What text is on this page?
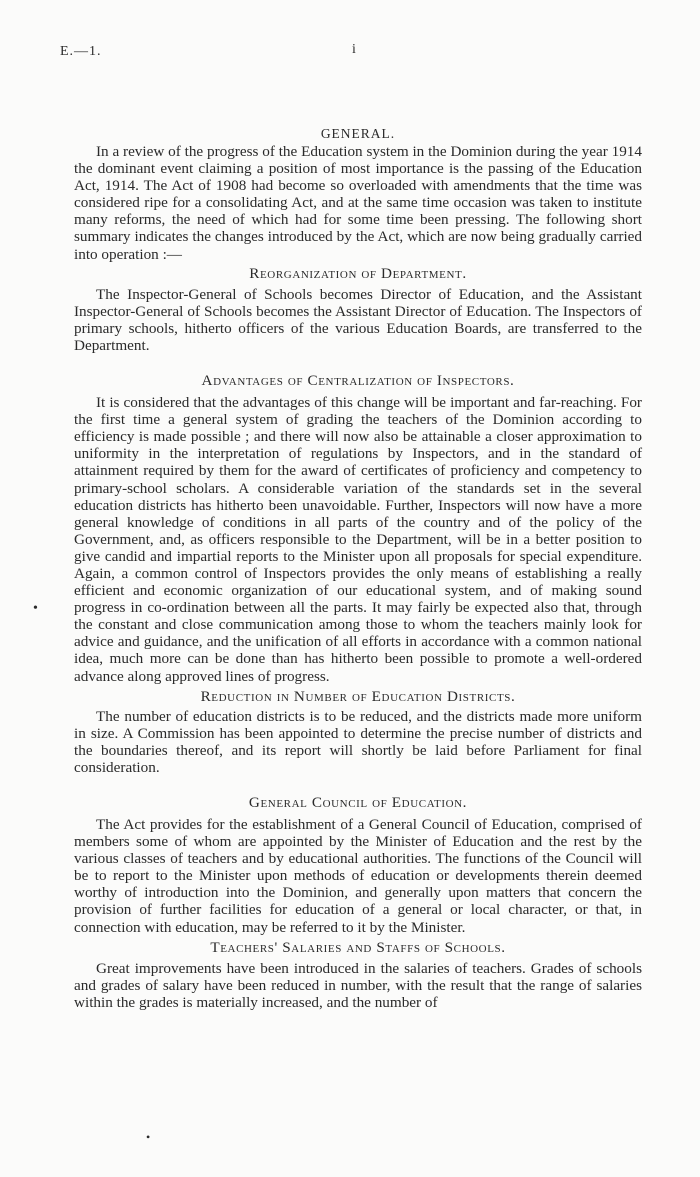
E.—1.	i
GENERAL.

In a review of the progress of the Education system in the Dominion during the year 1914 the dominant event claiming a position of most importance is the passing of the Education Act, 1914. The Act of 1908 had become so overloaded with amendments that the time was considered ripe for a consolidating Act, and at the same time occasion was taken to institute many reforms, the need of which had for some time been pressing. The following short summary indicates the changes introduced by the Act, which are now being gradually carried into operation :—

Reorganization of Department.

The Inspector-General of Schools becomes Director of Education, and the Assistant Inspector-General of Schools becomes the Assistant Director of Education. The Inspectors of primary schools, hitherto officers of the various Education Boards, are transferred to the Department.

Advantages of Centralization of Inspectors.

It is considered that the advantages of this change will be important and far-reaching. For the first time a general system of grading the teachers of the Dominion according to efficiency is made possible ; and there will now also be attainable a closer approximation to uniformity in the interpretation of regulations by Inspectors, and in the standard of attainment required by them for the award of certificates of proficiency and competency to primary-school scholars. A considerable variation of the standards set in the several education districts has hitherto been unavoidable. Further, Inspectors will now have a more general knowledge of conditions in all parts of the country and of the policy of the Government, and, as officers responsible to the Department, will be in a better position to give candid and impartial reports to the Minister upon all proposals for special expenditure. Again, a common control of Inspectors provides the only means of establishing a really efficient and economic organization of our educational system, and of making sound progress in co-ordination between all the parts. It may fairly be expected also that, through the constant and close communication among those to whom the teachers mainly look for advice and guidance, and the unification of all efforts in accordance with a common national idea, much more can be done than has hitherto been possible to promote a well-ordered advance along approved lines of progress.

Reduction in Number of Education Districts.

The number of education districts is to be reduced, and the districts made more uniform in size. A Commission has been appointed to determine the precise number of districts and the boundaries thereof, and its report will shortly be laid before Parliament for final consideration.

General Council of Education.

The Act provides for the establishment of a General Council of Education, comprised of members some of whom are appointed by the Minister of Education and the rest by the various classes of teachers and by educational authorities. The functions of the Council will be to report to the Minister upon methods of education or developments therein deemed worthy of introduction into the Dominion, and generally upon matters that concern the provision of further facilities for education of a general or local character, or that, in connection with education, may be referred to it by the Minister.

Teachers' Salaries and Staffs of Schools.

Great improvements have been introduced in the salaries of teachers. Grades of schools and grades of salary have been reduced in number, with the result that the range of salaries within the grades is materially increased, and the number of

•
•
